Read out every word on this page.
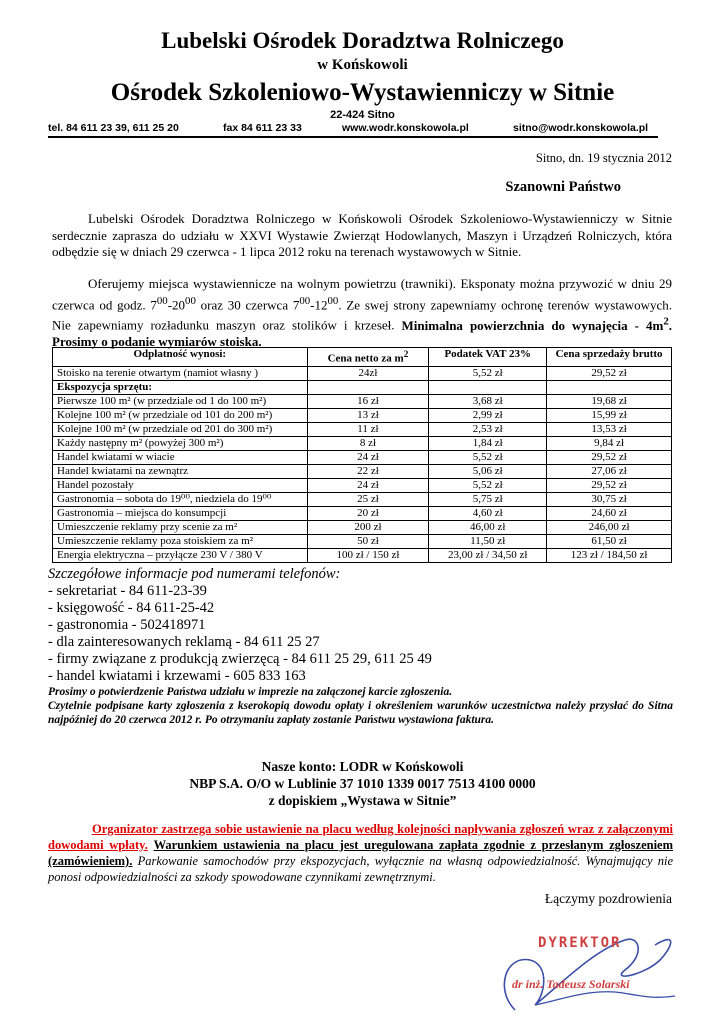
Lubelski Ośrodek Doradztwa Rolniczego
w Końskowoli
Ośrodek Szkoleniowo-Wystawienniczy w Sitnie
22-424 Sitno
tel. 84 611 23 39, 611 25 20	fax 84 611 23 33	www.wodr.konskowola.pl	sitno@wodr.konskowola.pl
Sitno, dn. 19 stycznia 2012
Szanowni Państwo
Lubelski Ośrodek Doradztwa Rolniczego w Końskowoli Ośrodek Szkoleniowo-Wystawienniczy w Sitnie serdecznie zaprasza do udziału w XXVI Wystawie Zwierząt Hodowlanych, Maszyn i Urządzeń Rolniczych, która odbędzie się w dniach 29 czerwca - 1 lipca 2012 roku na terenach wystawowych w Sitnie.
Oferujemy miejsca wystawiennicze na wolnym powietrzu (trawniki). Eksponaty można przywozić w dniu 29 czerwca od godz. $7^{00}-20^{00}$ oraz 30 czerwca $7^{00}-12^{00}$. Ze swej strony zapewniamy ochronę terenów wystawowych. Nie zapewniamy rozładunku maszyn oraz stolików i krzeseł. Minimalna powierzchnia do wynajęcia - $4m^2$. Prosimy o podanie wymiarów stoiska.
Odpłatność wynosi:	Cena netto za $m^2$	Podatek VAT 23%	Cena sprzedaży brutto
Stoisko na terenie otwartym (namiot własny )	24zł	5,52 zł	29,52 zł
Ekspozycja sprzętu:			
Pierwsze 100 m² (w przedziale od 1 do 100 m²)	16 zł	3,68 zł	19,68 zł
Kolejne 100 m² (w przedziale od 101 do 200 m²)	13 zł	2,99 zł	15,99 zł
Kolejne 100 m² (w przedziale od 201 do 300 m²)	11 zł	2,53 zł	13,53 zł
Każdy następny m² (powyżej 300 m²)	8 zł	1,84 zł	9,84 zł
Handel kwiatami w wiacie	24 zł	5,52 zł	29,52 zł
Handel kwiatami na zewnątrz	22 zł	5,06 zł	27,06 zł
Handel pozostały	24 zł	5,52 zł	29,52 zł
Gastronomia – sobota do 19⁰⁰, niedziela do 19⁰⁰	25 zł	5,75 zł	30,75 zł
Gastronomia – miejsca do konsumpcji	20 zł	4,60 zł	24,60 zł
Umieszczenie reklamy przy scenie za m²	200 zł	46,00 zł	246,00 zł
Umieszczenie reklamy poza stoiskiem za m²	50 zł	11,50 zł	61,50 zł
Energia elektryczna – przyłącze 230 V / 380 V	100 zł / 150 zł	23,00 zł / 34,50 zł	123 zł / 184,50 zł
Szczegółowe informacje pod numerami telefonów:
- sekretariat - 84 611-23-39
- księgowość - 84 611-25-42
- gastronomia - 502418971
- dla zainteresowanych reklamą - 84 611 25 27
- firmy związane z produkcją zwierzęcą - 84 611 25 29, 611 25 49
- handel kwiatami i krzewami - 605 833 163
Prosimy o potwierdzenie Państwa udziału w imprezie na załączonej karcie zgłoszenia.
Czytelnie podpisane karty zgłoszenia z kserokopią dowodu opłaty i określeniem warunków uczestnictwa należy przysłać do Sitna najpóźniej do 20 czerwca 2012 r. Po otrzymaniu zapłaty zostanie Państwu wystawiona faktura.
Nasze konto: LODR w Końskowoli
NBP S.A. O/O w Lublinie 37 1010 1339 0017 7513 4100 0000
z dopiskiem „Wystawa w Sitnie”
Organizator zastrzega sobie ustawienie na placu według kolejności napływania zgłoszeń wraz z załączonymi dowodami wpłaty. Warunkiem ustawienia na placu jest uregulowana zapłata zgodnie z przesłanym zgłoszeniem (zamówieniem). Parkowanie samochodów przy ekspozycjach, wyłącznie na własną odpowiedzialność. Wynajmujący nie ponosi odpowiedzialności za szkody spowodowane czynnikami zewnętrznymi.
Łączymy pozdrowienia
DYREKTOR
dr inż. Tadeusz Solarski
